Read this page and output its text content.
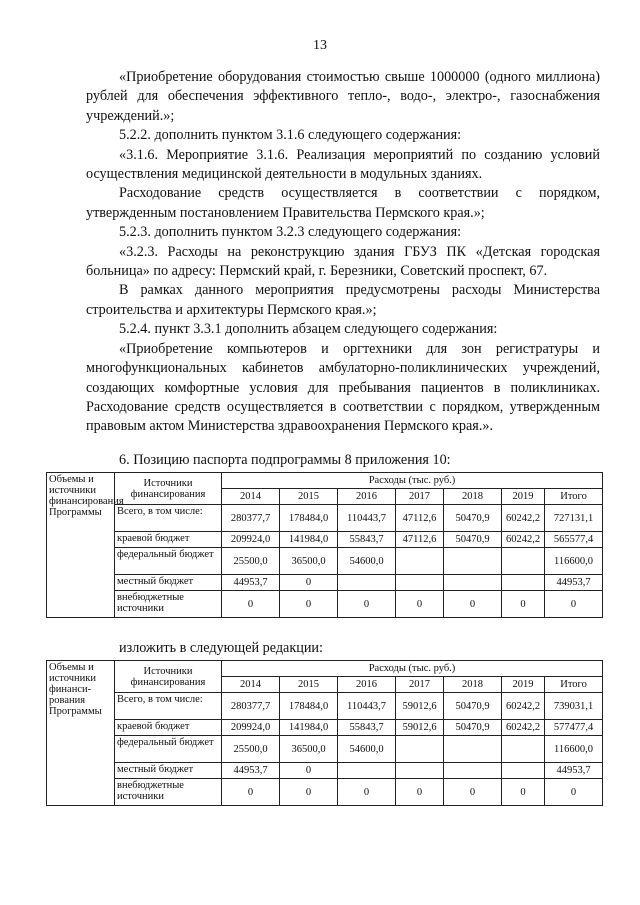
13

«Приобретение оборудования стоимостью свыше 1000000 (одного миллиона) рублей для обеспечения эффективного тепло-, водо-, электро-, газоснабжения учреждений.»;

5.2.2. дополнить пунктом 3.1.6 следующего содержания:

«3.1.6. Мероприятие 3.1.6. Реализация мероприятий по созданию условий осуществления медицинской деятельности в модульных зданиях.

Расходование средств осуществляется в соответствии с порядком, утвержденным постановлением Правительства Пермского края.»;

5.2.3. дополнить пунктом 3.2.3 следующего содержания:

«3.2.3. Расходы на реконструкцию здания ГБУЗ ПК «Детская городская больница» по адресу: Пермский край, г. Березники, Советский проспект, 67.

В рамках данного мероприятия предусмотрены расходы Министерства строительства и архитектуры Пермского края.»;

5.2.4. пункт 3.3.1 дополнить абзацем следующего содержания:

«Приобретение компьютеров и оргтехники для зон регистратуры и многофункциональных кабинетов амбулаторно-поликлинических учреждений, создающих комфортные условия для пребывания пациентов в поликлиниках. Расходование средств осуществляется в соответствии с порядком, утвержденным правовым актом Министерства здравоохранения Пермского края.».

6. Позицию паспорта подпрограммы 8 приложения 10:
Объемы и источники финансирования Программы	Источники финансирования	Расходы (тыс. руб.)						
		2014	2015	2016	2017	2018	2019	Итого
	Всего, в том числе:	280377,7	178484,0	110443,7	47112,6	50470,9	60242,2	727131,1
	краевой бюджет	209924,0	141984,0	55843,7	47112,6	50470,9	60242,2	565577,4
	федеральный бюджет	25500,0	36500,0	54600,0				116600,0
	местный бюджет	44953,7	0					44953,7
	внебюджетные источники	0	0	0	0	0	0	0
изложить в следующей редакции:
Объемы и источники финанси-рования Программы	Источники финансирования	Расходы (тыс. руб.)						
		2014	2015	2016	2017	2018	2019	Итого
	Всего, в том числе:	280377,7	178484,0	110443,7	59012,6	50470,9	60242,2	739031,1
	краевой бюджет	209924,0	141984,0	55843,7	59012,6	50470,9	60242,2	577477,4
	федеральный бюджет	25500,0	36500,0	54600,0				116600,0
	местный бюджет	44953,7	0					44953,7
	внебюджетные источники	0	0	0	0	0	0	0
